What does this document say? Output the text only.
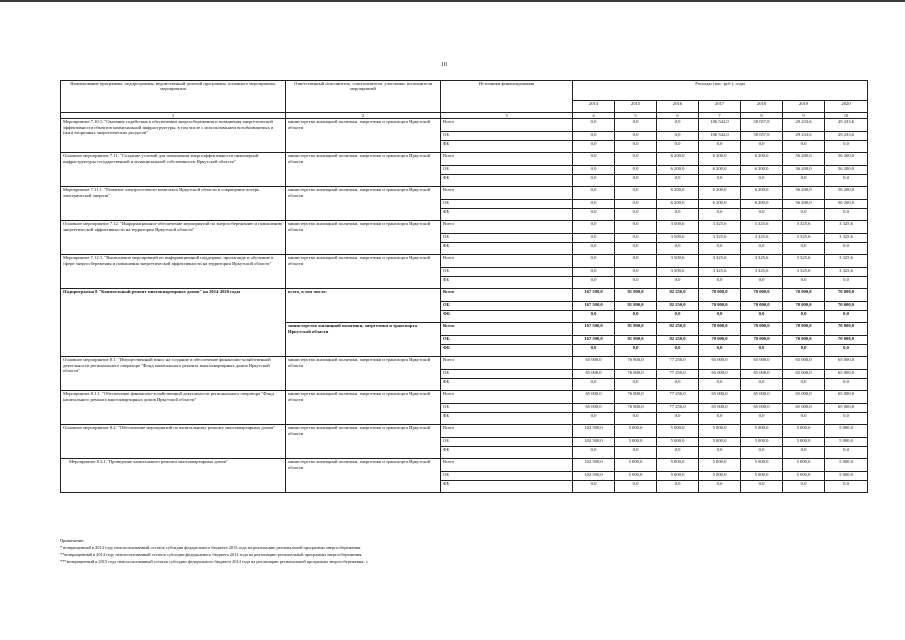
10
Наименование программы, подпрограммы, ведомственной целевой программы, основного мероприятия, мероприятия	Ответственный исполнитель, соисполнители, участники, исполнители мероприятий	Источники финансирования	Расходы (тыс. руб.), годы						
			2014	2015	2016	2017	2018	2019	2020
1	2	3	4	5	6	7	8	9	10
Мероприятие 7.10.1. "Оказание содействия в обеспечении энергосбережения и повышения энергетической эффективности объектов коммунальной инфраструктуры, в том числе с использованием возобновляемых и (или) вторичных энергетических ресурсов"	министерство жилищной политики, энергетики и транспорта Иркутской области	Всего	0,0	0,0	0,0	106 542,0	58 057,8	29 233,6	29 233,6
		ОБ	0,0	0,0	0,0	106 542,0	58 057,8	29 233,6	29 233,6
		ФБ	0,0	0,0	0,0	0,0	0,0	0,0	0,0
Основное мероприятие 7.11. "Создание условий для повышения энергоэффективности инженерной инфраструктуры государственной и муниципальной собственности Иркутской области"	министерство жилищной политики, энергетики и транспорта Иркутской области	Всего	0,0	0,0	6 200,0	6 200,0	6 200,0	56 200,0	56 200,0
		ОБ	0,0	0,0	6 200,0	6 200,0	6 200,0	56 200,0	56 200,0
		ФБ	0,0	0,0	0,0	0,0	0,0	0,0	0,0
Мероприятие 7.11.1. "Развитие электросетевого комплекса Иркутской области и сокращение потерь электрической энергии"	министерство жилищной политики, энергетики и транспорта Иркутской области	Всего	0,0	0,0	6 200,0	6 200,0	6 200,0	56 200,0	56 200,0
		ОБ	0,0	0,0	6 200,0	6 200,0	6 200,0	56 200,0	56 200,0
		ФБ	0,0	0,0	0,0	0,0	0,0	0,0	0,0
Основное мероприятие 7.12. "Информационное обеспечение мероприятий по энергосбережению и повышению энергетической эффективности на территории Иркутской области"	министерство жилищной политики, энергетики и транспорта Иркутской области	Всего	0,0	0,0	3 500,6	3 325,6	3 325,6	3 325,6	3 325,6
		ОБ	0,0	0,0	3 500,6	3 325,6	3 325,6	3 325,6	3 325,6
		ФБ	0,0	0,0	0,0	0,0	0,0	0,0	0,0
Мероприятие 7.12.1. "Выполнение мероприятий по информационной поддержке, пропаганде и обучению в сфере энергосбережения и повышения энергетической эффективности на территории Иркутской области"	министерство жилищной политики, энергетики и транспорта Иркутской области	Всего	0,0	0,0	3 500,6	3 325,6	3 325,6	3 325,6	3 325,6
		ОБ	0,0	0,0	3 500,6	3 325,6	3 325,6	3 325,6	3 325,6
		ФБ	0,0	0,0	0,0	0,0	0,0	0,0	0,0
Подпрограмма 8 "Капитальный ремонт многоквартирных домов" на 2014-2020 годы	всего, в том числе:	Всего	167 500,0	81 800,0	82 250,0	70 000,0	70 000,0	70 000,0	70 000,0
		ОБ	167 500,0	81 800,0	82 250,0	70 000,0	70 000,0	70 000,0	70 000,0
		ФБ	0,0	0,0	0,0	0,0	0,0	0,0	0,0
	министерство жилищной политики, энергетики и транспорта Иркутской области	Всего	167 500,0	81 800,0	82 250,0	70 000,0	70 000,0	70 000,0	70 000,0
		ОБ	167 500,0	81 800,0	82 250,0	70 000,0	70 000,0	70 000,0	70 000,0
		ФБ	0,0	0,0	0,0	0,0	0,0	0,0	0,0
Основное мероприятие 8.1. "Имущественный взнос на создание и обеспечение финансово-хозяйственной деятельности регионального оператора "Фонд капитального ремонта многоквартирных домов Иркутской области"	министерство жилищной политики, энергетики и транспорта Иркутской области	Всего	65 000,0	76 800,0	77 250,0	65 000,0	65 000,0	65 000,0	65 000,0
		ОБ	65 000,0	76 800,0	77 250,0	65 000,0	65 000,0	65 000,0	65 000,0
		ФБ	0,0	0,0	0,0	0,0	0,0	0,0	0,0
Мероприятие 8.1.1. "Обеспечение финансово-хозяйственной деятельности регионального оператора "Фонд капитального ремонта многоквартирных домов Иркутской области"	министерство жилищной политики, энергетики и транспорта Иркутской области	Всего	65 000,0	76 800,0	77 250,0	65 000,0	65 000,0	65 000,0	65 000,0
		ОБ	65 000,0	76 800,0	77 250,0	65 000,0	65 000,0	65 000,0	65 000,0
		ФБ	0,0	0,0	0,0	0,0	0,0	0,0	0,0
Основное мероприятие 8.2. "Обеспечение мероприятий по капитальному ремонту многоквартирных домов"	министерство жилищной политики, энергетики и транспорта Иркутской области	Всего	102 500,0	5 000,0	5 000,0	5 000,0	5 000,0	5 000,0	5 000,0
		ОБ	102 500,0	5 000,0	5 000,0	5 000,0	5 000,0	5 000,0	5 000,0
		ФБ	0,0	0,0	0,0	0,0	0,0	0,0	0,0
Мероприятие 8.2.1."Проведение капитального ремонта многоквартирных домов"	министерство жилищной политики, энергетики и транспорта Иркутской области	Всего	102 500,0	5 000,0	5 000,0	5 000,0	5 000,0	5 000,0	5 000,0
		ОБ	102 500,0	5 000,0	5 000,0	5 000,0	5 000,0	5 000,0	5 000,0
		ФБ	0,0	0,0	0,0	0,0	0,0	0,0	0,0
Примечание:
* возвращенный в 2014 году неиспользованный остаток субсидии федерального бюджета 2013 года на реализацию региональной программы энергосбережения.
**возвращенный в 2014 году неиспользованный остаток субсидии федерального бюджета 2012 года на реализацию региональной программы энергосбережения.
***возвращенный в 2015 году неиспользованный остаток субсидии федерального бюджета 2014 года на реализацию региональной программы энергосбережения. »
